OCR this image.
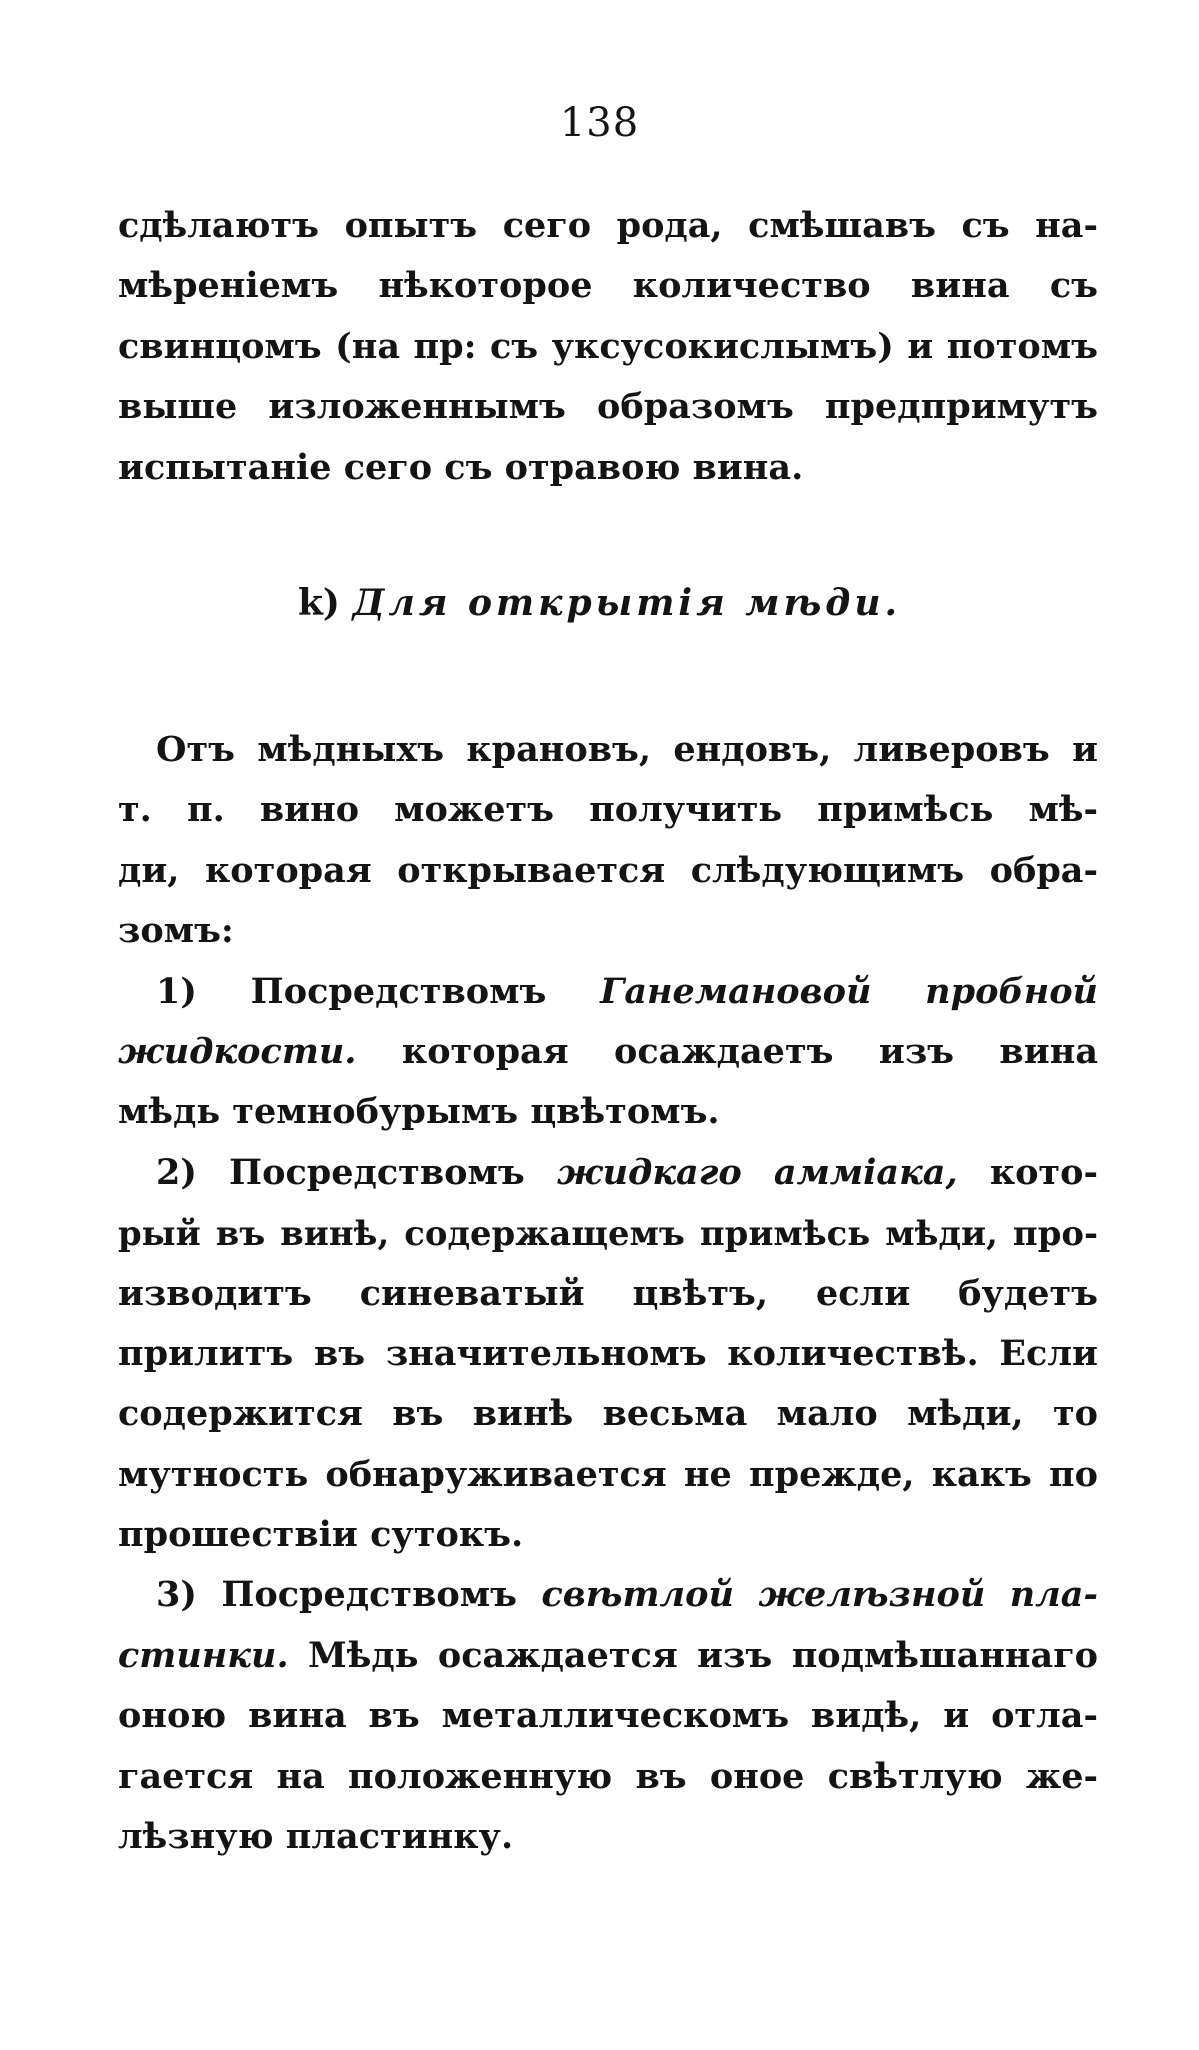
138
сдѣлаютъ опытъ сего рода, смѣшавъ съ на-
мѣреніемъ нѣкоторое количество вина съ
свинцомъ (на пр: съ уксусокислымъ) и потомъ
выше изложеннымъ образомъ предпримутъ
испытаніе сего съ отравою вина.
k) Для открытія мѣди.
Отъ мѣдныхъ крановъ, ендовъ, ливеровъ и
т. п. вино можетъ получить примѣсь мѣ-
ди, которая открывается слѣдующимъ обра-
зомъ:
1) Посредствомъ Ганемановой пробной
жидкости. которая осаждаетъ изъ вина
мѣдь темнобурымъ цвѣтомъ.
2) Посредствомъ жидкаго амміака, кото-
рый въ винѣ, содержащемъ примѣсь мѣди, про-
изводитъ синеватый цвѣтъ, если будетъ
прилитъ въ значительномъ количествѣ. Если
содержится въ винѣ весьма мало мѣди, то
мутность обнаруживается не прежде, какъ по
прошествіи сутокъ.
3) Посредствомъ свѣтлой желѣзной пла-
стинки. Мѣдь осаждается изъ подмѣшаннаго
оною вина въ металлическомъ видѣ, и отла-
гается на положенную въ оное свѣтлую же-
лѣзную пластинку.
